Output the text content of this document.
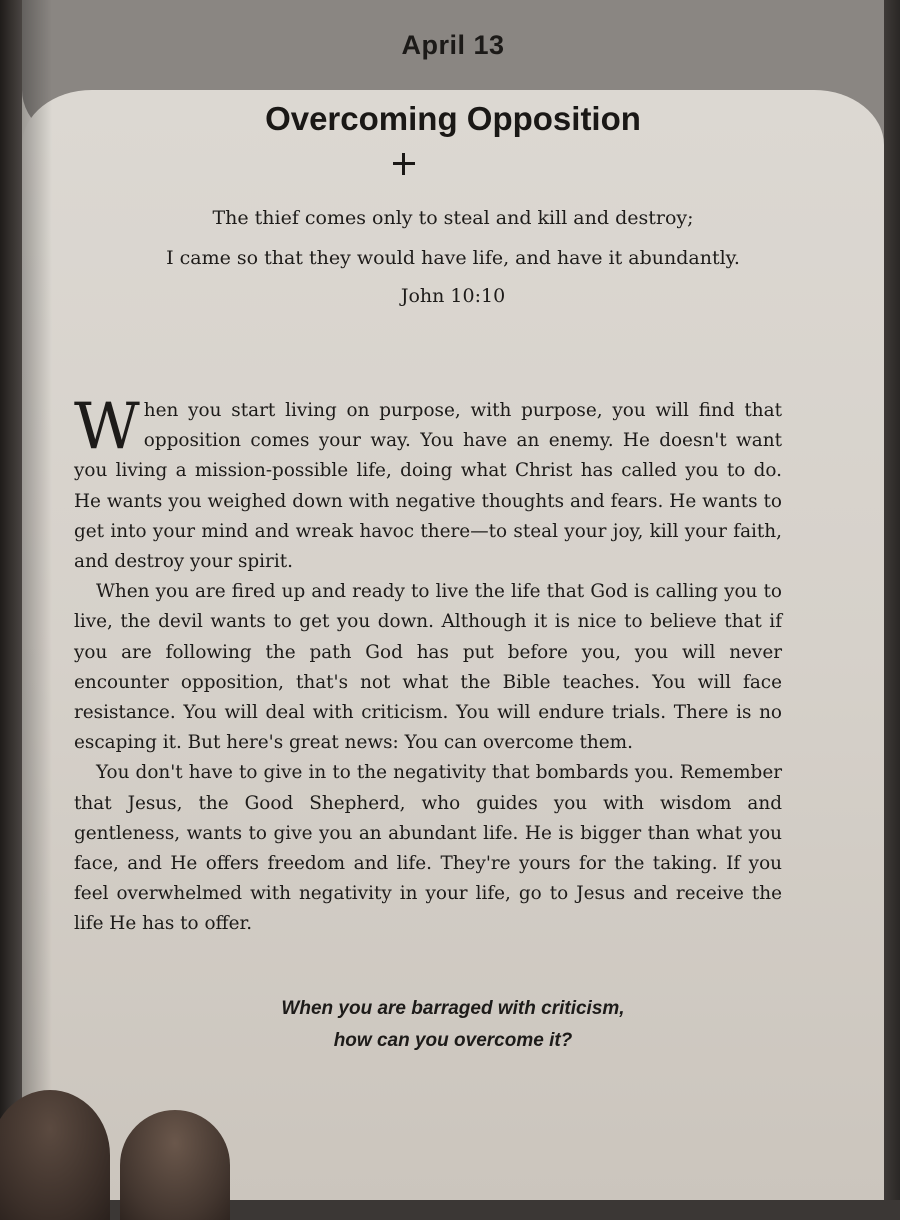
April 13
Overcoming Opposition
The thief comes only to steal and kill and destroy;
I came so that they would have life, and have it abundantly.
John 10:10

When you start living on purpose, with purpose, you will find that opposition comes your way. You have an enemy. He doesn't want you living a mission-possible life, doing what Christ has called you to do. He wants you weighed down with negative thoughts and fears. He wants to get into your mind and wreak havoc there—to steal your joy, kill your faith, and destroy your spirit.

When you are fired up and ready to live the life that God is calling you to live, the devil wants to get you down. Although it is nice to believe that if you are following the path God has put before you, you will never encounter opposition, that's not what the Bible teaches. You will face resistance. You will deal with criticism. You will endure trials. There is no escaping it. But here's great news: You can overcome them.

You don't have to give in to the negativity that bombards you. Remember that Jesus, the Good Shepherd, who guides you with wisdom and gentleness, wants to give you an abundant life. He is bigger than what you face, and He offers freedom and life. They're yours for the taking. If you feel overwhelmed with negativity in your life, go to Jesus and receive the life He has to offer.

When you are barraged with criticism,
how can you overcome it?
